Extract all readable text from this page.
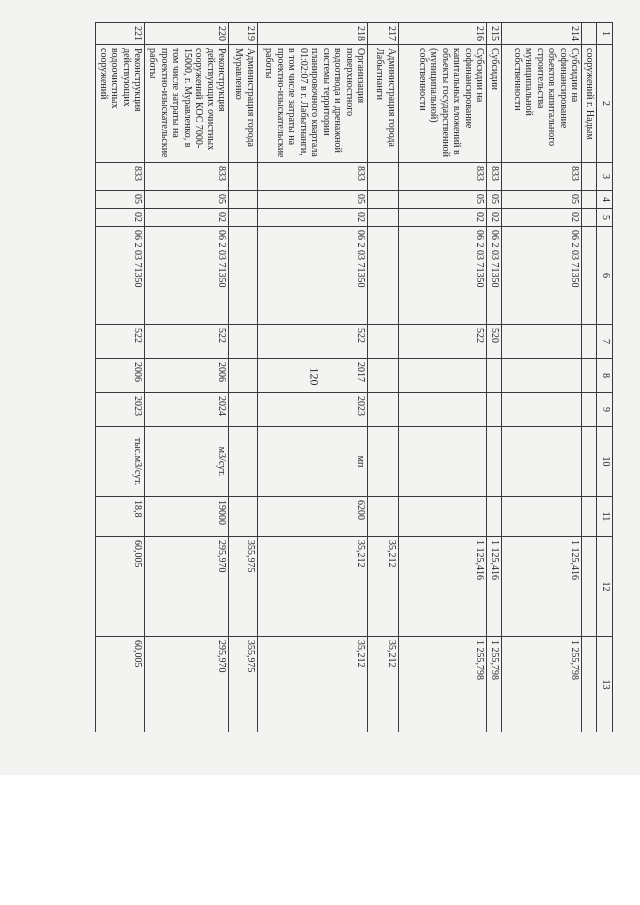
120
1	2	3	4	5	6	7	8	9	10	11	12	13
	сооружений г. Надым											
214	Субсидии на софинансирование объектов капитального строительства муниципальной собственности	833	05	02	06 2 03 71350						1 125,416	1 255,798
215	Субсидии	833	05	02	06 2 03 71350	520					1 125,416	1 255,798
216	Субсидии на софинансирование капитальных вложений в объекты государственной (муниципальной) собственности	833	05	02	06 2 03 71350	522					1 125,416	1 255,798
217	Администрация города Лабытнанги										35,212	35,212
218	Организация поверхностного водоотвода и дренажной системы территории планировочного квартала 01:02:07 в г. Лабытнанги, в том числе затраты на проектно-изыскательские работы	833	05	02	06 2 03 71350	522	2017	2023	мп	6200	35,212	35,212
219	Администрация города Муравленко										355,975	355,975
220	Реконструкция действующих очистных сооружений КОС 7000-15000, г. Муравленко, в том числе затраты на проектно-изыскательские работы	833	05	02	06 2 03 71350	522	2006	2024	м3/сут.	19000	295,970	295,970
221	Реконструкция действующих водоочистных сооружений	833	05	02	06 2 03 71350	522	2006	2023	тыс.м3/сут.	18,8	60,005	60,005
